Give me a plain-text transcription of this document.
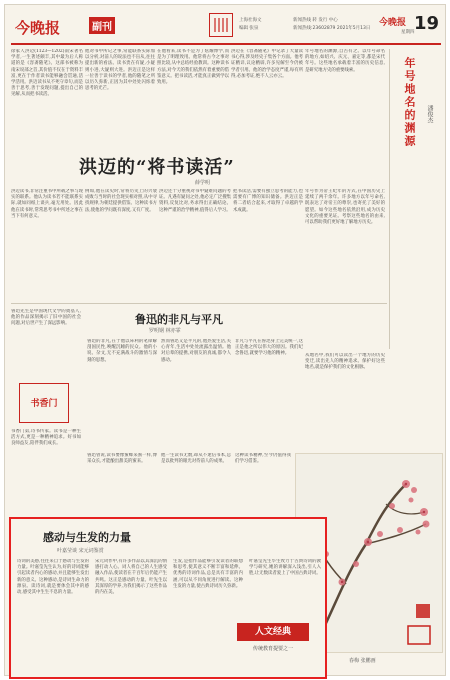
今晚报	副刊
上海社海文
编辑 张泉
新闻热线 转 发行 中心
新闻热线:23602879 2021年5月13日
今晚报 19
星期四
徐家人洪迈(1123—1202)南宋著名学者,一生著述颇丰,其中最为后人称道的是《容斋随笔》。这部书被称为南宋说部之首,其价值不仅在于资料丰富,更在于作者读书能够融会贯通,活学活用。洪迈读书从不死守章句,而是善于思考,善于发现问题,提出自己的见解,从而把书读活。
他对书中所记之事,常能联系实际加以分析,对前人的说法也不盲从,往往提出新的看法。读书贵在有疑,小疑则小进,大疑则大进。洪迈正是这样一位善于读书的学者,他的随笔之所以历久弥新,正因为其中处处闪烁着思考的光芒。
在他看来,读书不是为了炫耀博学,而是为了明理致用。他常将古今之事对照比较,从中总结经验教训。这种读书方法,对今天的我们依然有着重要的借鉴意义。把书读活,才能真正做到学以致用。
洪迈在《容斋随笔》中记录了大量读书心得,涉及经史子集各个方面。他考证精详,议论精辟,许多见解至今仍被学者引用。他的治学态度严谨,每有所得,必加考证,绝不人云亦云。
年号地名的渊源,自古有之。以年号命名的地方,如绍兴、庆元、嘉定等,都是宋代年号。这些地名承载着丰富的历史信息,是研究地方史的重要线索。	年号地名的渊源 潘俊杰
洪迈的“将书读活”
薛学明
洪迈读书,非常注重书中所载之事与现实的联系。他认为读书若不能联系实际,就如同纸上谈兵,毫无用处。因此他在读书时,常常思考书中所述之事在当下有何意义。
例如,他在读史时,常将历史上的兴衰成败与当时的社会现实相对照,从中寻找规律,为朝廷提供借鉴。这种读书方法,使他的学问既有深度,又有广度。
洪迈还十分重视对书中疑难问题的考证。凡遇有疑问之处,他必定广泛搜集资料,反复比对,务求得出正确结论。这种严谨的治学精神,值得后人学习。
把书读活,需要有独立思考的能力,也需要有广博的知识储备。洪迈正是将二者结合起来,才取得了卓越的学术成就。
年号作为帝王纪年的方式,在中国历史上延续了两千余年。许多地方以年号命名,既表达了对帝王的尊崇,也寄托了美好的愿望。如今这些地名依然沿用,成为历史文化的重要见证。考察这些地名的由来,可以帮助我们更好地了解地方历史。
鲁迅的非凡与平凡
罗明钢 林亦霏
鲁迅先生是中国现代文学的奠基人,他的作品深刻揭示了旧中国的社会问题,对后世产生了深远影响。
鲁迅的非凡,在于他以犀利的笔锋解剖国民性,唤醒沉睡的民众。他的小说、杂文,无不充满战斗的激情与深刻的思想。
然而鲁迅又是平凡的,他热爱生活,关心青年,生活中处处流露出温情。他对后辈的提携,对朋友的真诚,都令人感动。
非凡与平凡在鲁迅身上完美统一,这正是他之所以伟大的原因。我们纪念鲁迅,就要学习他的精神。	从地名中,我们可以读出一个地方的历史变迁,读出先人的精神追求。保护好这些地名,就是保护我们的文化根脉。
书香门
书香门第,诗书传家。读书是一种生活方式,更是一种精神追求。好书如良师益友,陪伴我们成长。
鲁迅曾说,读书要像蜜蜂采蜜一样,博采众长,才能酿出甜美的蜜来。
他一生读书无数,却从不迷信书本,总是以批判的眼光对待前人的成果。
这种读书精神,至今仍值得我们学习借鉴。
春梅 张鹏画
感动与生发的力量
叶嘉莹谈 宋元词鉴赏
诗词的美感,往往来自于感动与生发的力量。叶嘉莹先生认为,好的诗词能够引起读者内心的感动,并且能够生发出新的意义。这种感动,是诗词生命力的源泉。读诗词,就是要体会其中的感动,感受其中生生不息的力量。
宋元词作中,有许多作品以其深沉的情感打动人心。词人将自己的人生感受融入作品,使读者在千百年后仍能产生共鸣。这正是感动的力量。叶先生以其深厚的学养,为我们揭示了这些作品的内在美。
生发,是指作品能够引发读者的联想和思考,使其意义不断丰富和延伸。优秀的诗词作品,总是具有丰富的内涵,可以从不同角度进行解读。这种生发的力量,使古典诗词历久弥新。
叶嘉莹先生毕生致力于古典诗词的教学与研究,她的讲解深入浅出,引人入胜,让无数读者爱上了中国古典诗词。
人文经典
传统教育提要之一
